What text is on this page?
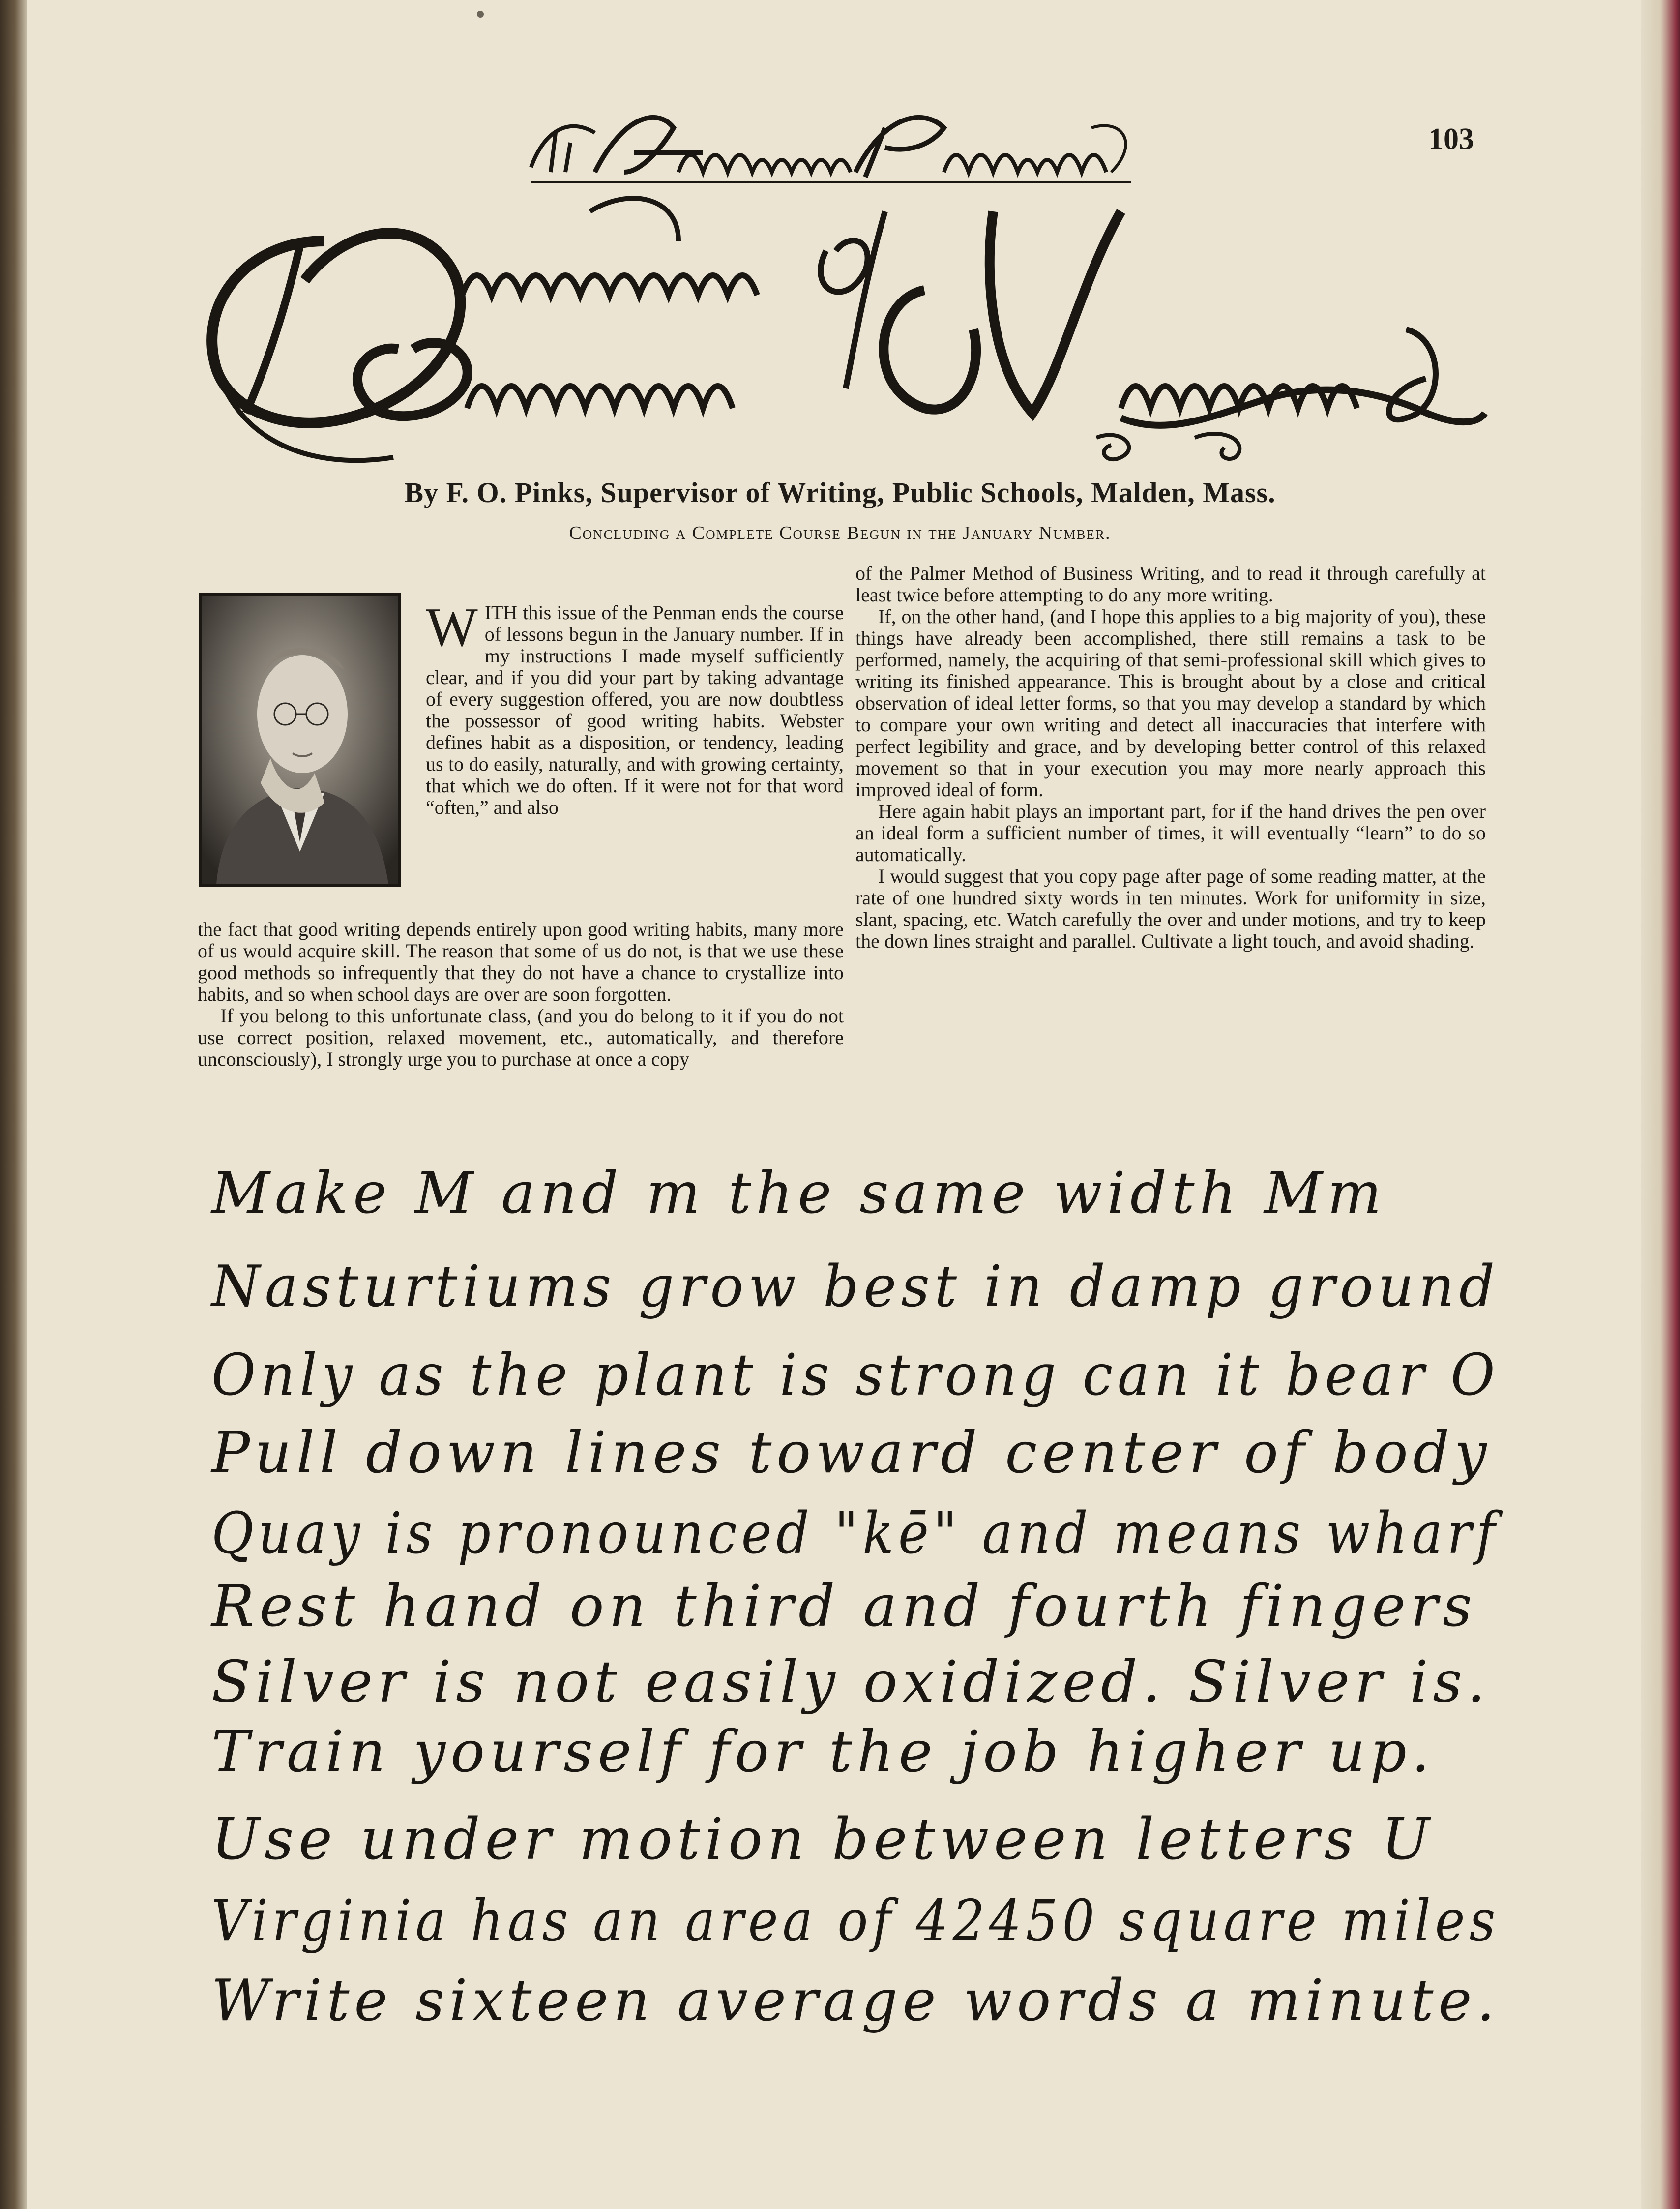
103
By F. O. Pinks, Supervisor of Writing, Public Schools, Malden, Mass.
Concluding a Complete Course Begun in the January Number.

WITH this issue of the Penman ends the course of lessons begun in the January number. If in my instructions I made myself sufficiently clear, and if you did your part by taking advantage of every suggestion offered, you are now doubtless the possessor of good writing habits. Webster defines habit as a disposition, or tendency, leading us to do easily, naturally, and with growing certainty, that which we do often. If it were not for that word “often,” and also

the fact that good writing depends entirely upon good writing habits, many more of us would acquire skill. The reason that some of us do not, is that we use these good methods so infrequently that they do not have a chance to crystallize into habits, and so when school days are over are soon forgotten.

If you belong to this unfortunate class, (and you do belong to it if you do not use correct position, relaxed movement, etc., automatically, and therefore unconsciously), I strongly urge you to purchase at once a copy

of the Palmer Method of Business Writing, and to read it through carefully at least twice before attempting to do any more writing.

If, on the other hand, (and I hope this applies to a big majority of you), these things have already been accomplished, there still remains a task to be performed, namely, the acquiring of that semi-professional skill which gives to writing its finished appearance. This is brought about by a close and critical observation of ideal letter forms, so that you may develop a standard by which to compare your own writing and detect all inaccuracies that interfere with perfect legibility and grace, and by developing better control of this relaxed movement so that in your execution you may more nearly approach this improved ideal of form.

Here again habit plays an important part, for if the hand drives the pen over an ideal form a sufficient number of times, it will eventually “learn” to do so automatically.

I would suggest that you copy page after page of some reading matter, at the rate of one hundred sixty words in ten minutes. Work for uniformity in size, slant, spacing, etc. Watch carefully the over and under motions, and try to keep the down lines straight and parallel. Cultivate a light touch, and avoid shading.

Make M and m the same width Mm
Nasturtiums grow best in damp ground
Only as the plant is strong can it bear O
Pull down lines toward center of body
Quay is pronounced "kē" and means wharf
Rest hand on third and fourth fingers
Silver is not easily oxidized. Silver is.
Train yourself for the job higher up.
Use under motion between letters U
Virginia has an area of 42450 square miles
Write sixteen average words a minute.
